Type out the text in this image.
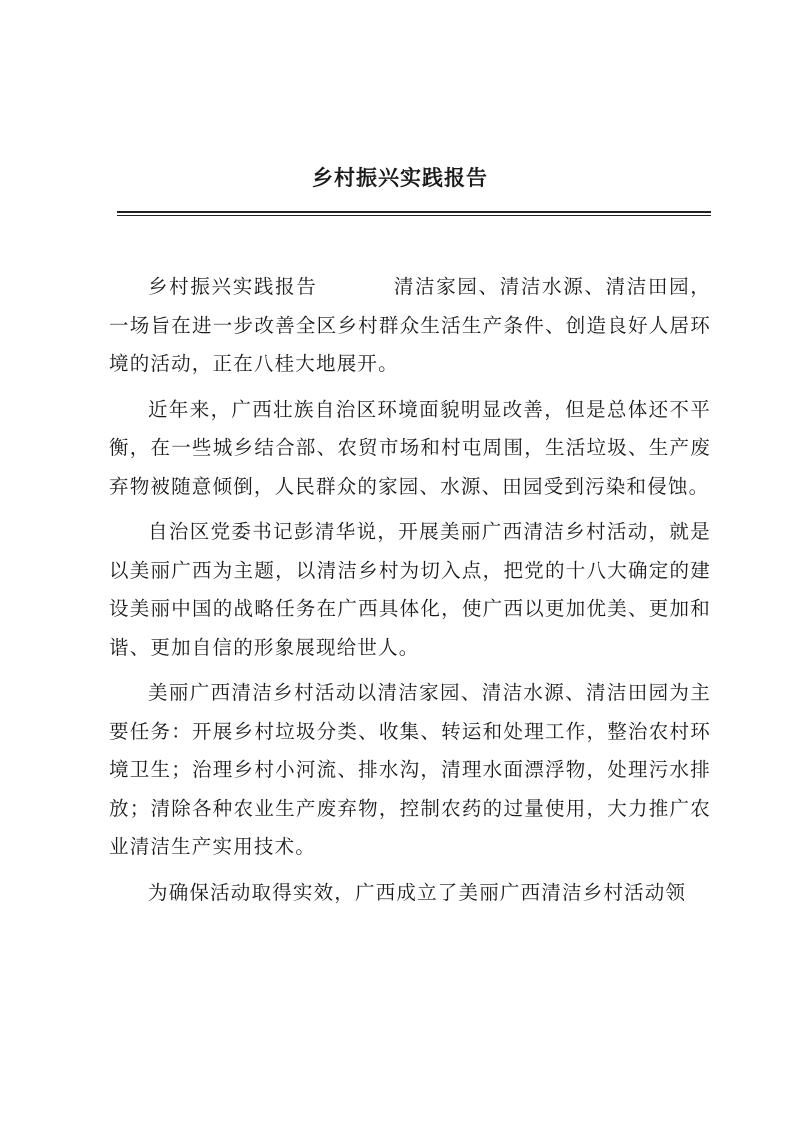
乡村振兴实践报告

乡村振兴实践报告	清洁家园、清洁水源、清洁田园，一场旨在进一步改善全区乡村群众生活生产条件、创造良好人居环境的活动，正在八桂大地展开。

近年来，广西壮族自治区环境面貌明显改善，但是总体还不平衡，在一些城乡结合部、农贸市场和村屯周围，生活垃圾、生产废弃物被随意倾倒，人民群众的家园、水源、田园受到污染和侵蚀。

自治区党委书记彭清华说，开展美丽广西清洁乡村活动，就是以美丽广西为主题，以清洁乡村为切入点，把党的十八大确定的建设美丽中国的战略任务在广西具体化，使广西以更加优美、更加和谐、更加自信的形象展现给世人。

美丽广西清洁乡村活动以清洁家园、清洁水源、清洁田园为主要任务：开展乡村垃圾分类、收集、转运和处理工作，整治农村环境卫生；治理乡村小河流、排水沟，清理水面漂浮物，处理污水排放；清除各种农业生产废弃物，控制农药的过量使用，大力推广农业清洁生产实用技术。

为确保活动取得实效，广西成立了美丽广西清洁乡村活动领
